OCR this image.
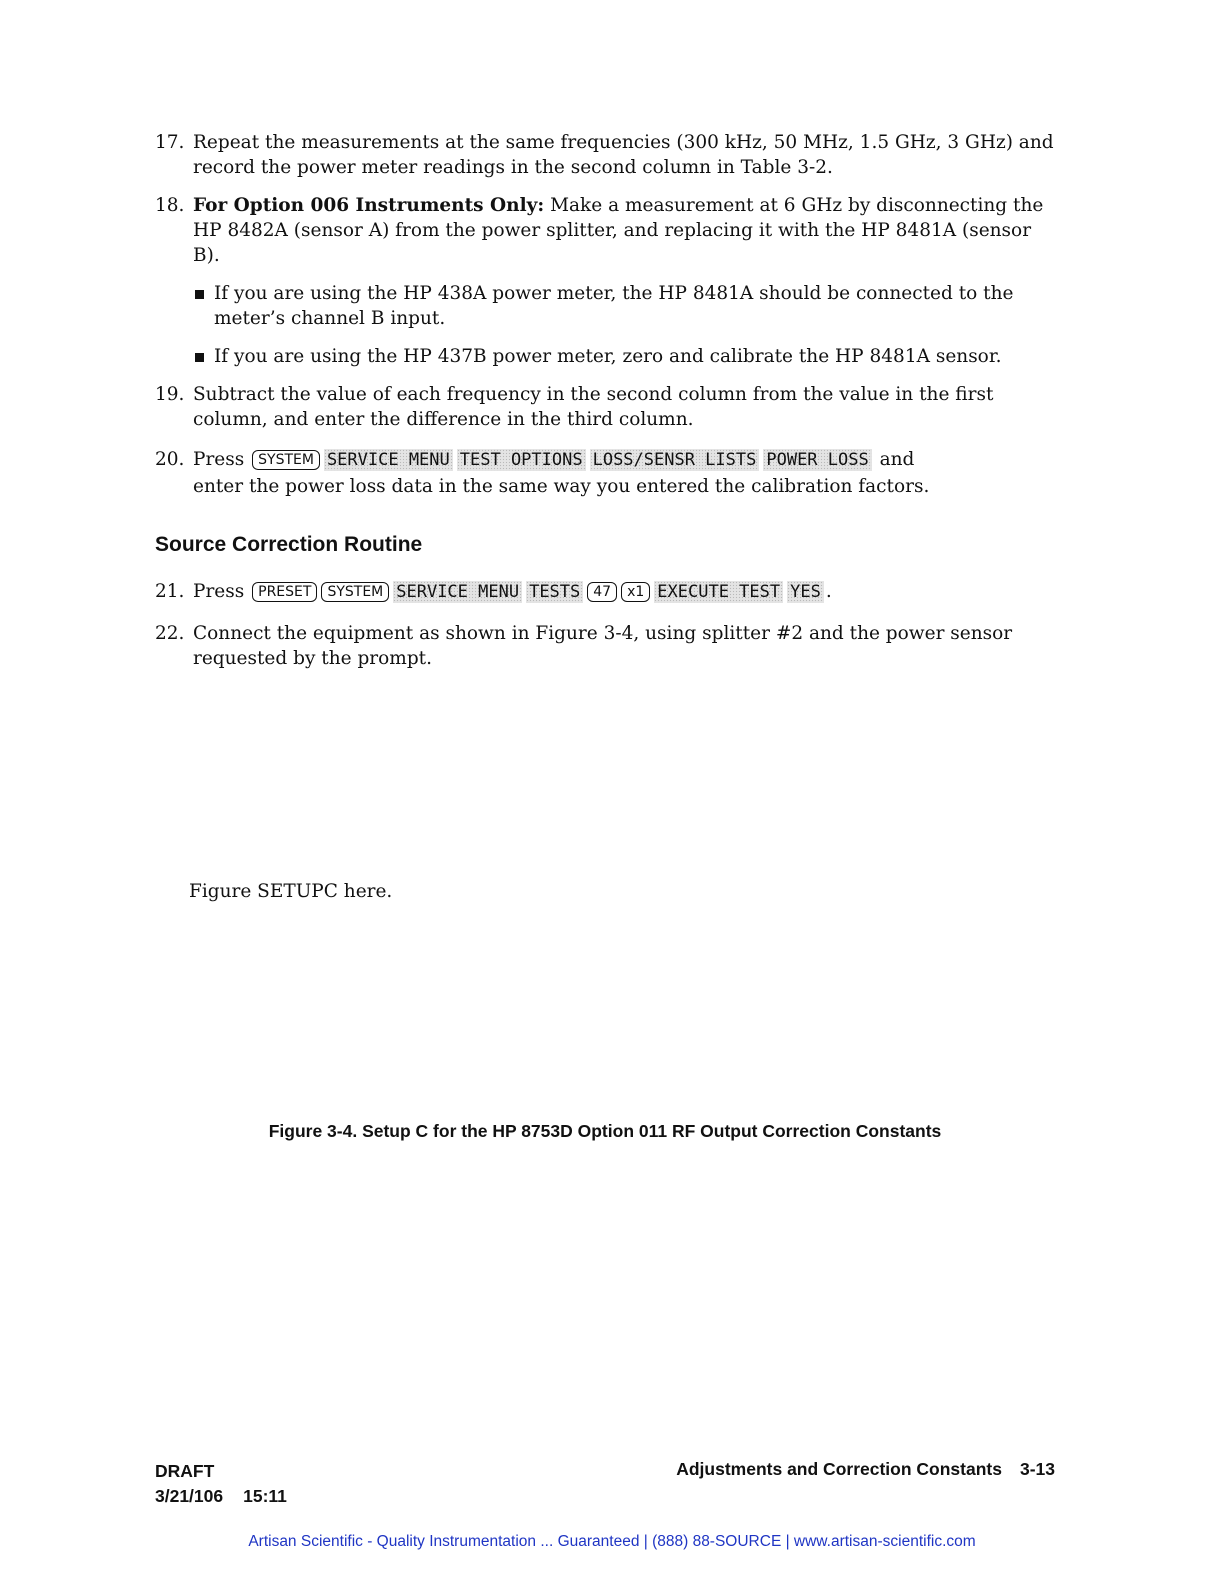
17. Repeat the measurements at the same frequencies (300 kHz, 50 MHz, 1.5 GHz, 3 GHz) and record the power meter readings in the second column in Table 3-2.
18. For Option 006 Instruments Only: Make a measurement at 6 GHz by disconnecting the HP 8482A (sensor A) from the power splitter, and replacing it with the HP 8481A (sensor B).
If you are using the HP 438A power meter, the HP 8481A should be connected to the meter’s channel B input.
If you are using the HP 437B power meter, zero and calibrate the HP 8481A sensor.
19. Subtract the value of each frequency in the second column from the value in the first column, and enter the difference in the third column.
20. Press SYSTEM SERVICE MENU TEST OPTIONS LOSS/SENSR LISTS POWER LOSS and
enter the power loss data in the same way you entered the calibration factors.
Source Correction Routine
21. Press PRESET SYSTEM SERVICE MENU TESTS 47 x1 EXECUTE TEST YES .
22. Connect the equipment as shown in Figure 3-4, using splitter #2 and the power sensor requested by the prompt.
Figure SETUPC here.
Figure 3-4. Setup C for the HP 8753D Option 011 RF Output Correction Constants
DRAFT
3/21/106 15:11
Adjustments and Correction Constants 3-13
Artisan Scientific - Quality Instrumentation ... Guaranteed | (888) 88-SOURCE | www.artisan-scientific.com
